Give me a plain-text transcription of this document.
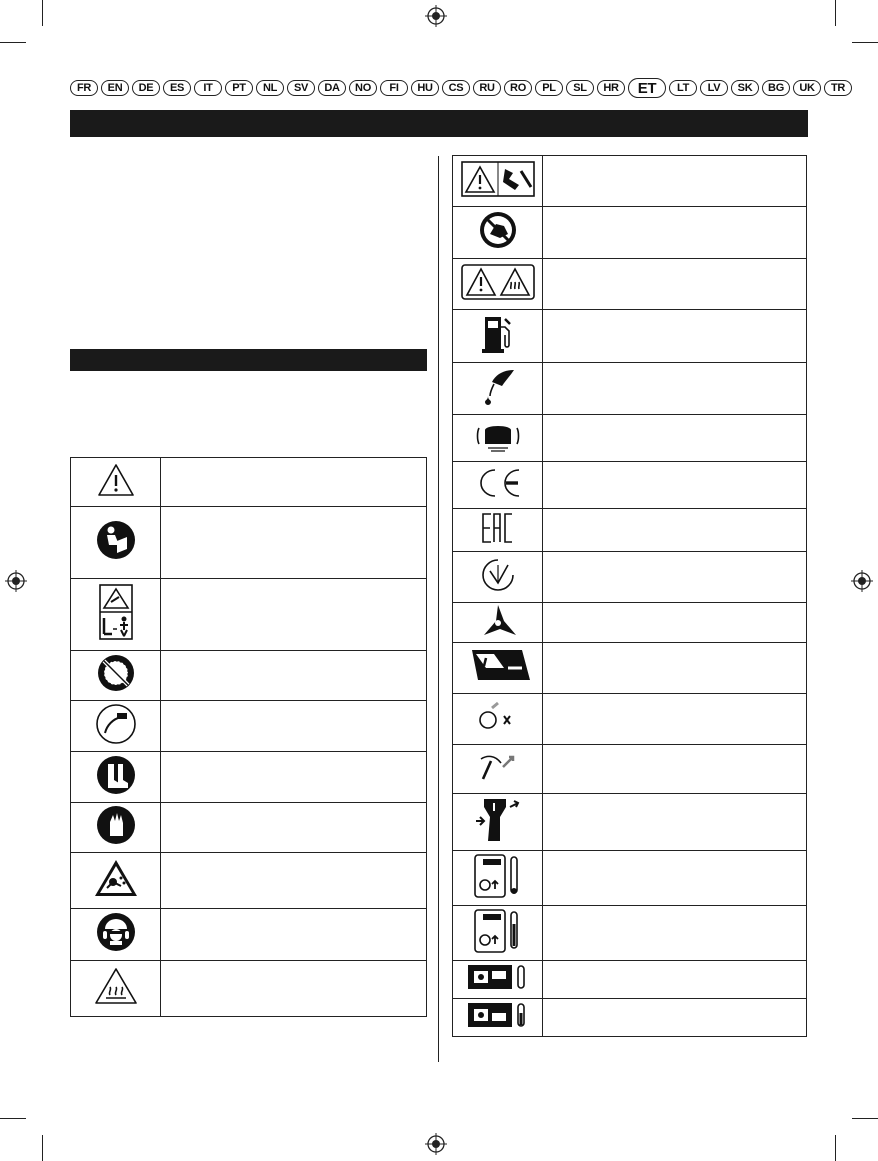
FR	EN	DE	ES	IT	PT	NL	SV	DA	NO	FI	HU	CS	RU	RO	PL	SL	HR	ET	LT	LV	SK	BG	UK	TR
